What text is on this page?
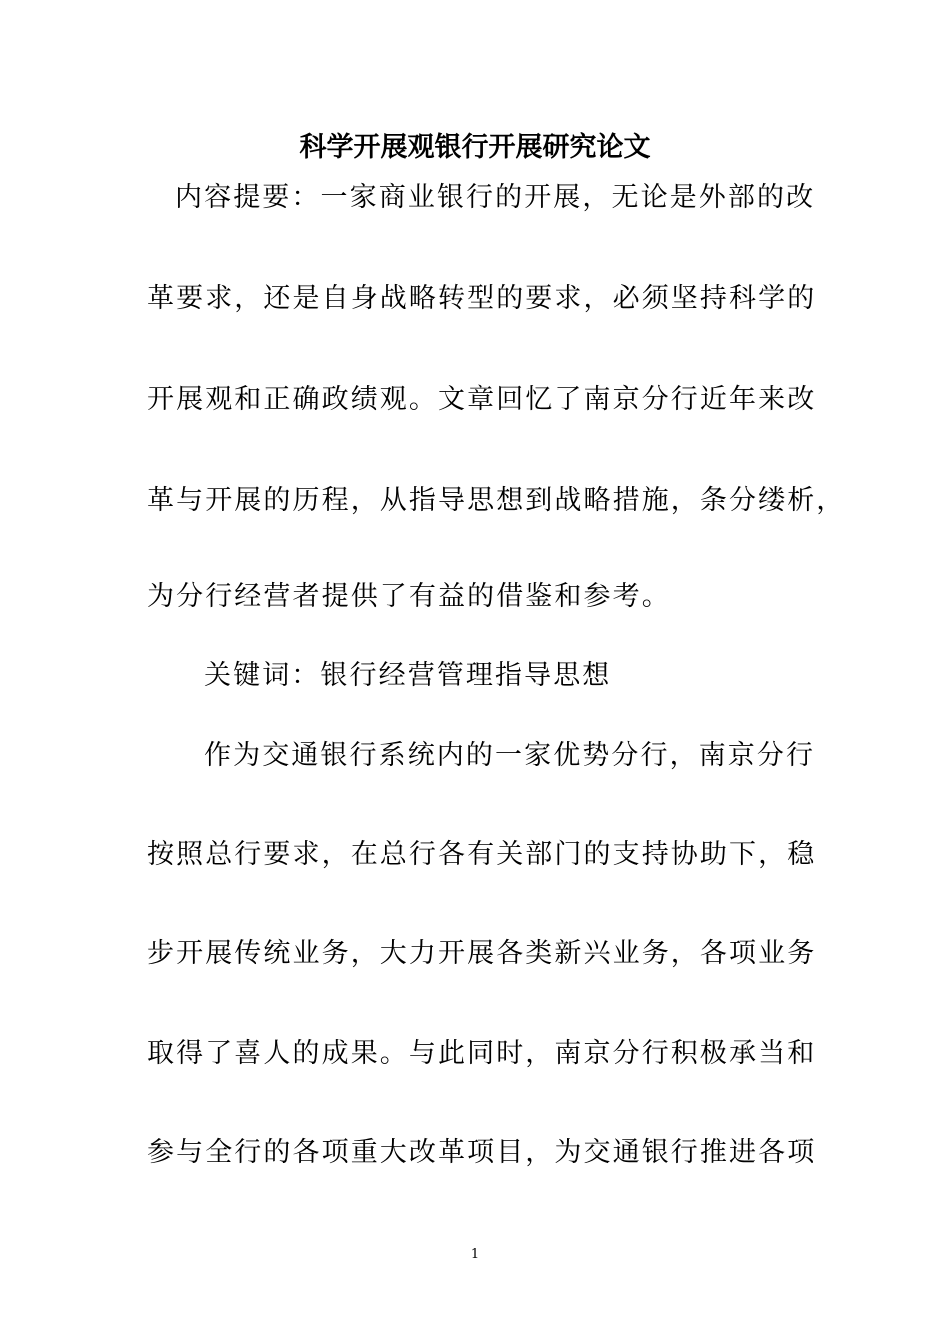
科学开展观银行开展研究论文
内容提要：一家商业银行的开展，无论是外部的改
革要求，还是自身战略转型的要求，必须坚持科学的
开展观和正确政绩观。文章回忆了南京分行近年来改
革与开展的历程，从指导思想到战略措施，条分缕析，
为分行经营者提供了有益的借鉴和参考。
关键词：银行经营管理指导思想
作为交通银行系统内的一家优势分行，南京分行
按照总行要求，在总行各有关部门的支持协助下，稳
步开展传统业务，大力开展各类新兴业务，各项业务
取得了喜人的成果。与此同时，南京分行积极承当和
参与全行的各项重大改革项目，为交通银行推进各项
1
